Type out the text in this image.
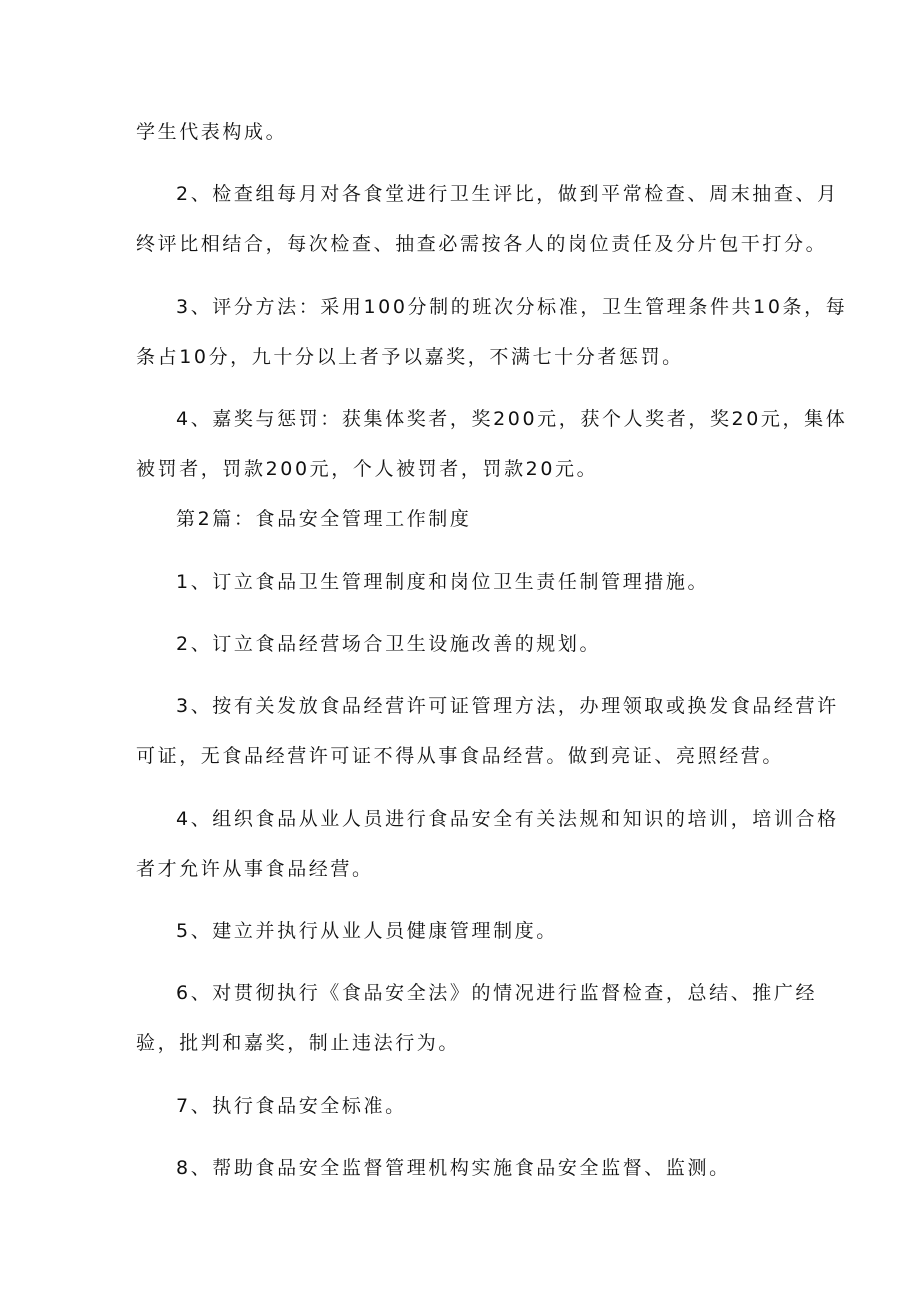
学生代表构成。
2、检查组每月对各食堂进行卫生评比，做到平常检查、周末抽查、月
终评比相结合，每次检查、抽查必需按各人的岗位责任及分片包干打分。
3、评分方法：采用100分制的班次分标准，卫生管理条件共10条，每
条占10分，九十分以上者予以嘉奖，不满七十分者惩罚。
4、嘉奖与惩罚：获集体奖者，奖200元，获个人奖者，奖20元，集体
被罚者，罚款200元，个人被罚者，罚款20元。
第2篇：食品安全管理工作制度
1、订立食品卫生管理制度和岗位卫生责任制管理措施。
2、订立食品经营场合卫生设施改善的规划。
3、按有关发放食品经营许可证管理方法，办理领取或换发食品经营许
可证，无食品经营许可证不得从事食品经营。做到亮证、亮照经营。
4、组织食品从业人员进行食品安全有关法规和知识的培训，培训合格
者才允许从事食品经营。
5、建立并执行从业人员健康管理制度。
6、对贯彻执行《食品安全法》的情况进行监督检查，总结、推广经
验，批判和嘉奖，制止违法行为。
7、执行食品安全标准。
8、帮助食品安全监督管理机构实施食品安全监督、监测。
